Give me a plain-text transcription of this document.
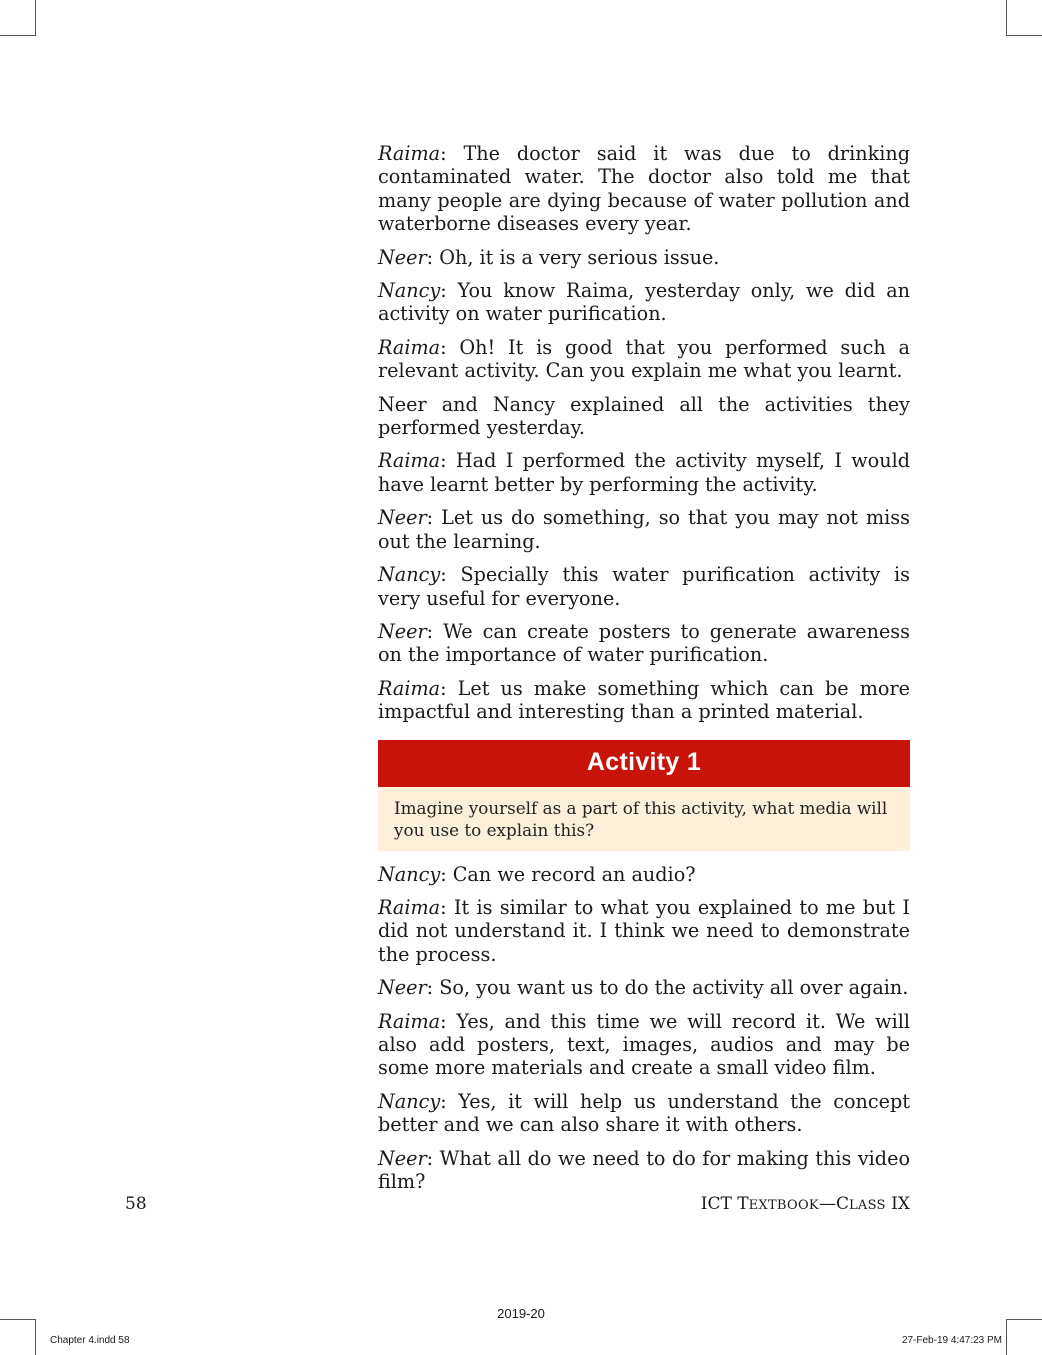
Raima: The doctor said it was due to drinking contaminated water. The doctor also told me that many people are dying because of water pollution and waterborne diseases every year.

Neer: Oh, it is a very serious issue.

Nancy: You know Raima, yesterday only, we did an activity on water purification.

Raima: Oh! It is good that you performed such a relevant activity. Can you explain me what you learnt.

Neer and Nancy explained all the activities they performed yesterday.

Raima: Had I performed the activity myself, I would have learnt better by performing the activity.

Neer: Let us do something, so that you may not miss out the learning.

Nancy: Specially this water purification activity is very useful for everyone.

Neer: We can create posters to generate awareness on the importance of water purification.

Raima: Let us make something which can be more impactful and interesting than a printed material.

Activity 1
Imagine yourself as a part of this activity, what media will you use to explain this?

Nancy: Can we record an audio?

Raima: It is similar to what you explained to me but I did not understand it. I think we need to demonstrate the process.

Neer: So, you want us to do the activity all over again.

Raima: Yes, and this time we will record it. We will also add posters, text, images, audios and may be some more materials and create a small video film.

Nancy: Yes, it will help us understand the concept better and we can also share it with others.

Neer: What all do we need to do for making this video film?

58	ICT TEXTBOOK—CLASS IX
2019-20
Chapter 4.indd 58	27-Feb-19 4:47:23 PM
